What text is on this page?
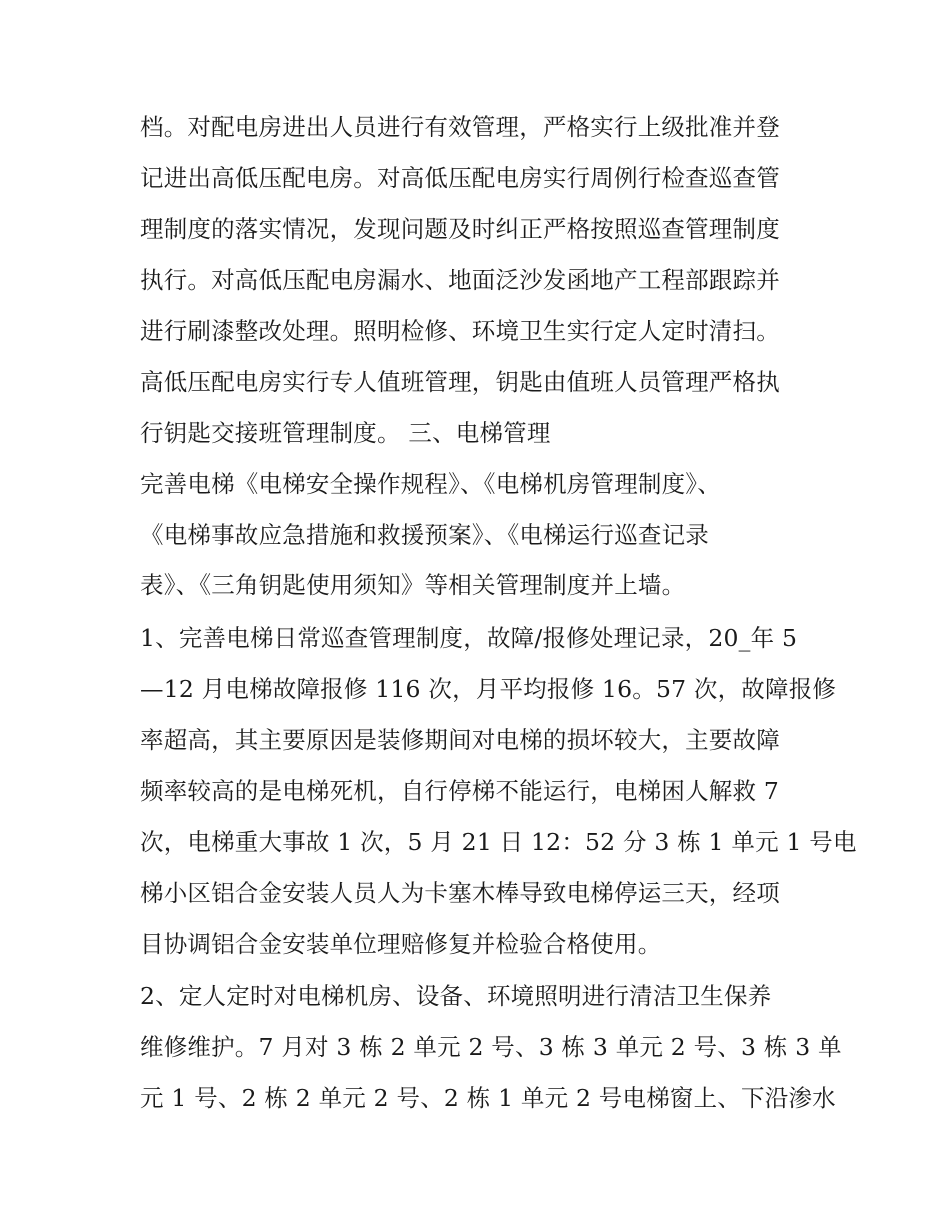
档。对配电房进出人员进行有效管理，严格实行上级批准并登
记进出高低压配电房。对高低压配电房实行周例行检查巡查管
理制度的落实情况，发现问题及时纠正严格按照巡查管理制度
执行。对高低压配电房漏水、地面泛沙发函地产工程部跟踪并
进行刷漆整改处理。照明检修、环境卫生实行定人定时清扫。
高低压配电房实行专人值班管理，钥匙由值班人员管理严格执
行钥匙交接班管理制度。 三、电梯管理
完善电梯《电梯安全操作规程》、《电梯机房管理制度》、
《电梯事故应急措施和救援预案》、《电梯运行巡查记录
表》、《三角钥匙使用须知》等相关管理制度并上墙。
1、完善电梯日常巡查管理制度，故障/报修处理记录，20_年 5
—12 月电梯故障报修 116 次，月平均报修 16。57 次，故障报修
率超高，其主要原因是装修期间对电梯的损坏较大，主要故障
频率较高的是电梯死机，自行停梯不能运行，电梯困人解救 7
次，电梯重大事故 1 次，5 月 21 日 12：52 分 3 栋 1 单元 1 号电
梯小区铝合金安装人员人为卡塞木棒导致电梯停运三天，经项
目协调铝合金安装单位理赔修复并检验合格使用。
2、定人定时对电梯机房、设备、环境照明进行清洁卫生保养
维修维护。7 月对 3 栋 2 单元 2 号、3 栋 3 单元 2 号、3 栋 3 单
元 1 号、2 栋 2 单元 2 号、2 栋 1 单元 2 号电梯窗上、下沿渗水
